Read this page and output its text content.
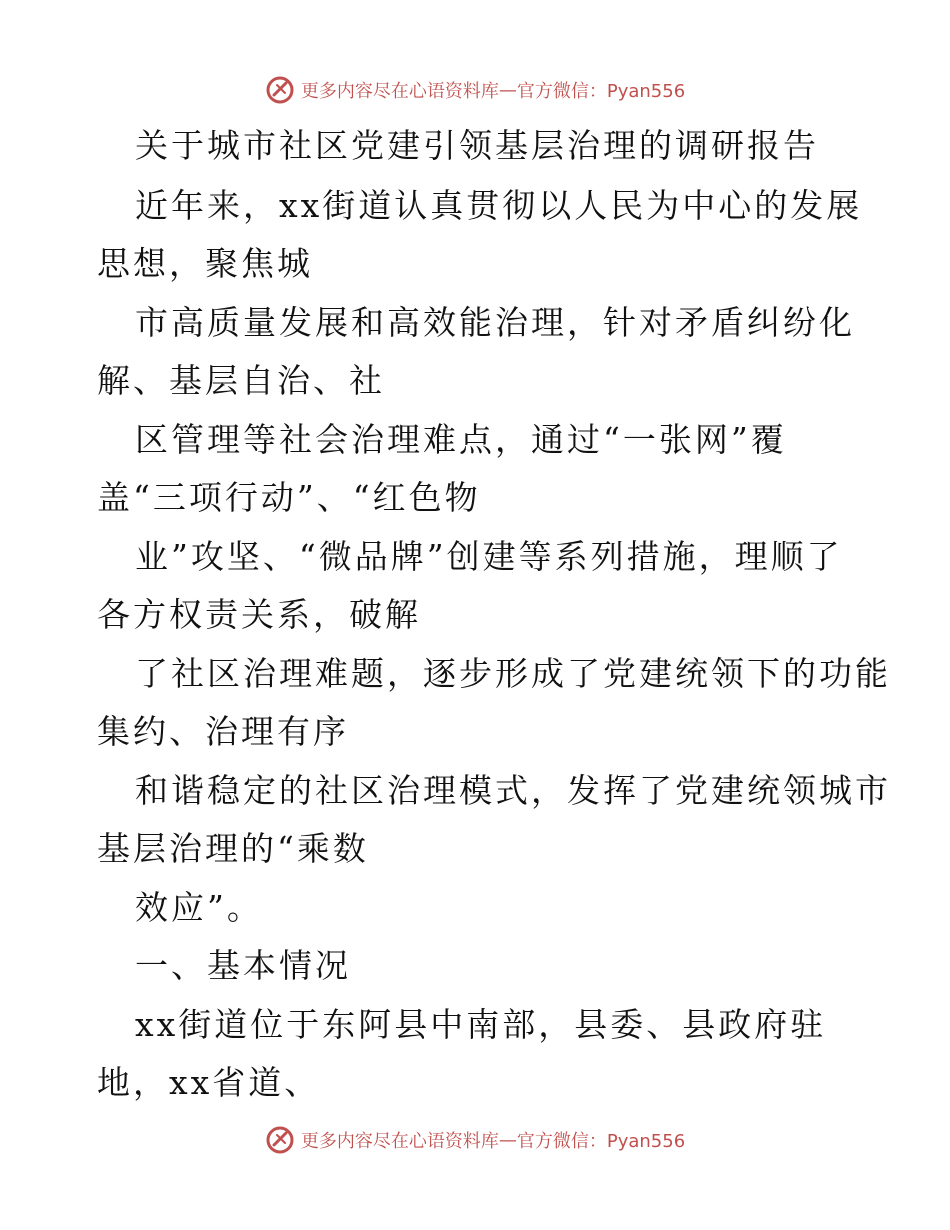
更多内容尽在心语资料库 — 官方微信：Pyan556
关于城市社区党建引领基层治理的调研报告
近年来，xx街道认真贯彻以人民为中心的发展
思想，聚焦城
市高质量发展和高效能治理，针对矛盾纠纷化
解、基层自治、社
区管理等社会治理难点，通过“一张网”覆
盖“三项行动”、“红色物
业”攻坚、“微品牌”创建等系列措施，理顺了
各方权责关系，破解
了社区治理难题，逐步形成了党建统领下的功能
集约、治理有序
和谐稳定的社区治理模式，发挥了党建统领城市
基层治理的“乘数
效应”。
一、基本情况
xx街道位于东阿县中南部，县委、县政府驻
地，xx省道、
更多内容尽在心语资料库 — 官方微信：Pyan556
